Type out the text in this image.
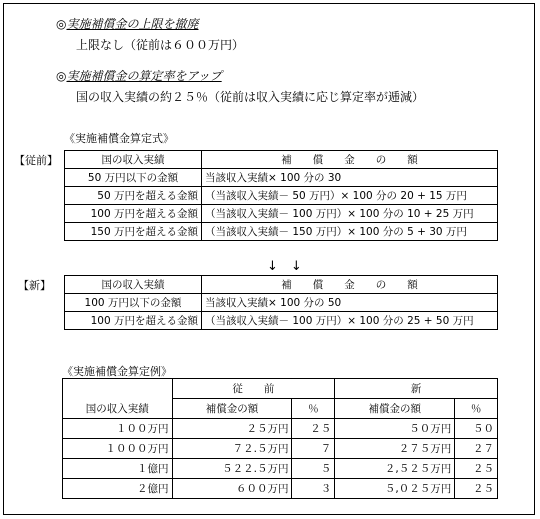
◎実施補償金の上限を撤廃
上限なし（従前は６００万円）
◎実施補償金の算定率をアップ
国の収入実績の約２５％（従前は収入実績に応じ算定率が逓減）
《実施補償金算定式》
【従前】	国の収入実績	補　　償　　金　　の　　額
50 万円以下の金額	当該収入実績× 100 分の 30
50 万円を超える金額	（当該収入実績－ 50 万円）× 100 分の 20 + 15 万円
100 万円を超える金額	（当該収入実績－ 100 万円）× 100 分の 10 + 25 万円
150 万円を超える金額	（当該収入実績－ 150 万円）× 100 分の 5 + 30 万円
↓　↓
【新】	国の収入実績	補　　償　　金　　の　　額
100 万円以下の金額	当該収入実績× 100 分の 50
100 万円を超える金額	（当該収入実績－ 100 万円）× 100 分の 25 + 50 万円
《実施補償金算定例》
国の収入実績	従　　前		新	
	補償金の額	％	補償金の額	％
１００万円	２５万円	２５	５０万円	５０
１０００万円	７２.５万円	７	２７５万円	２７
１億円	５２２.５万円	５	２,５２５万円	２５
２億円	６００万円	３	５,０２５万円	２５
